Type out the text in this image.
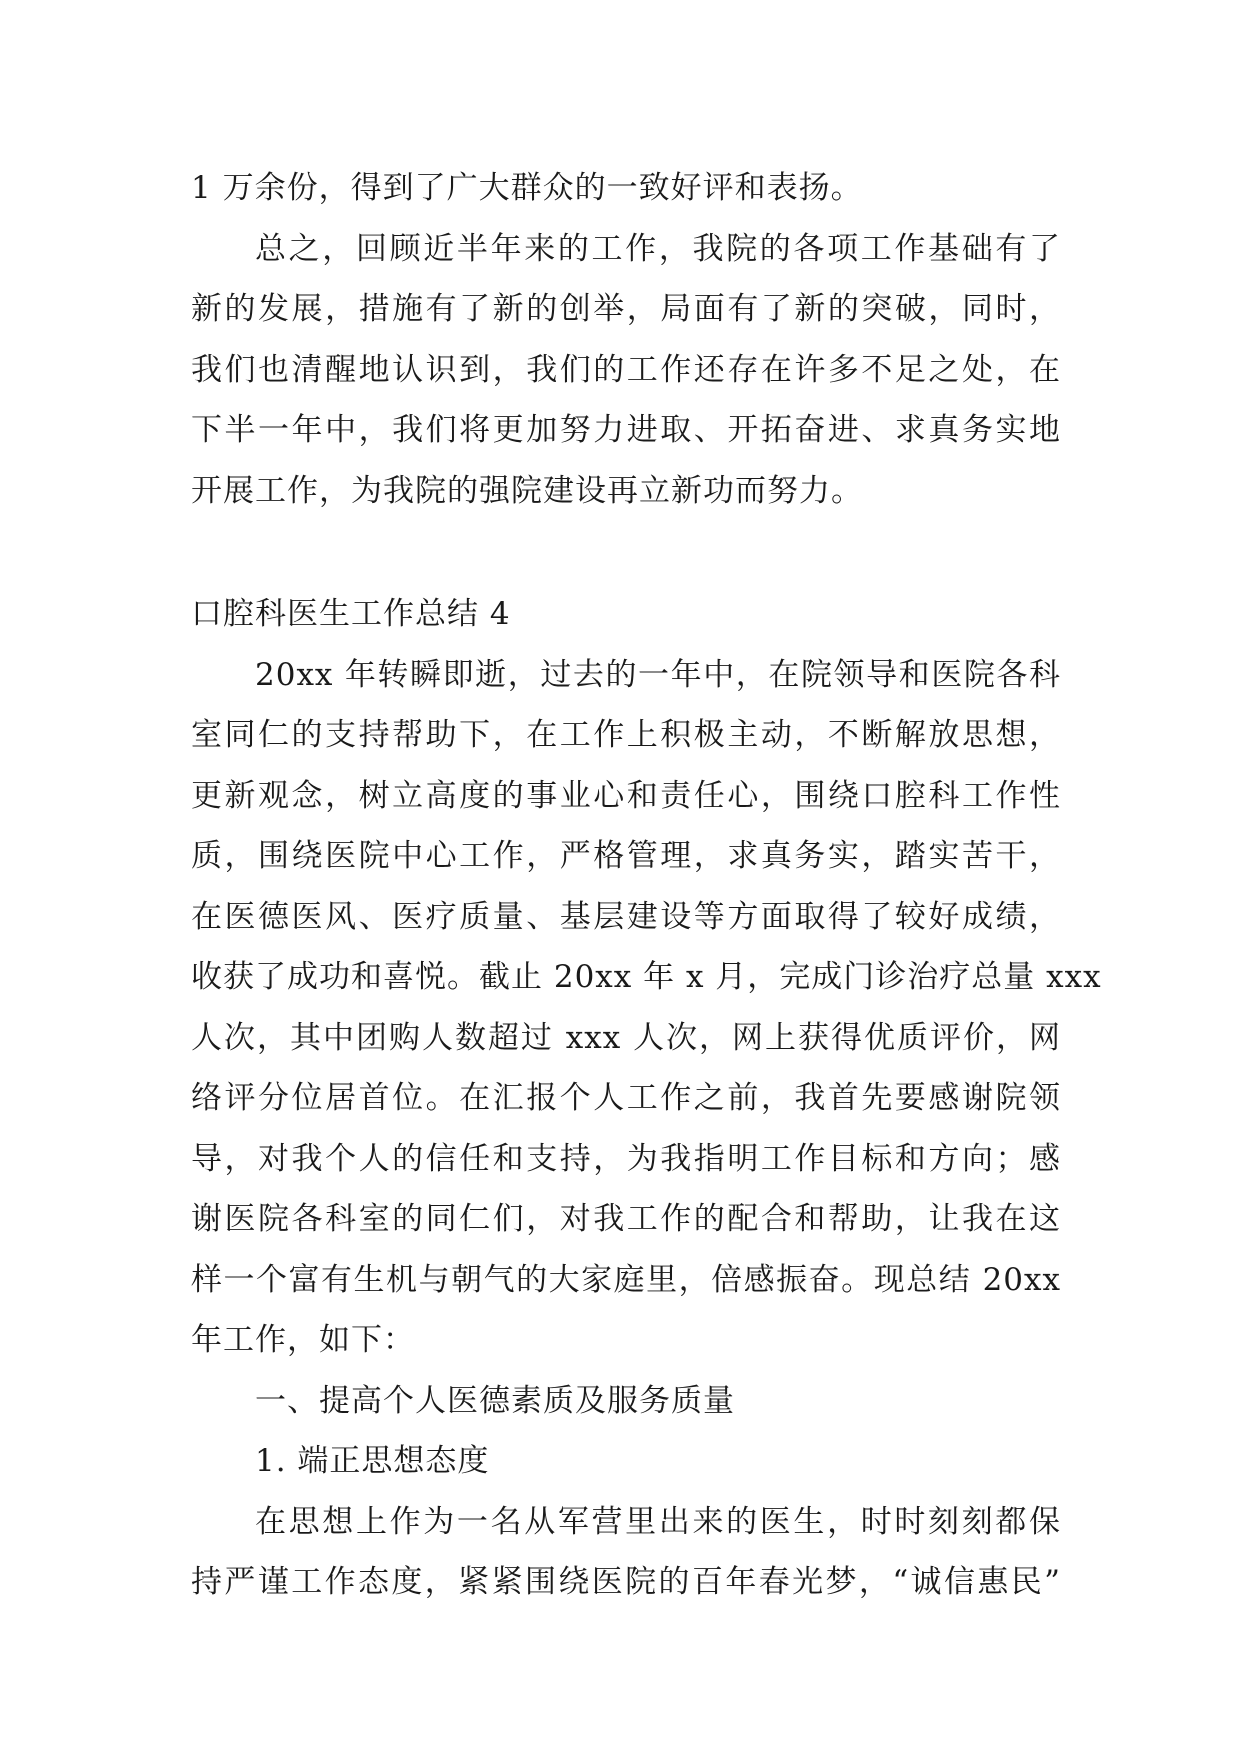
1 万余份，得到了广大群众的一致好评和表扬。
总之，回顾近半年来的工作，我院的各项工作基础有了
新的发展，措施有了新的创举，局面有了新的突破，同时，
我们也清醒地认识到，我们的工作还存在许多不足之处，在
下半一年中，我们将更加努力进取、开拓奋进、求真务实地
开展工作，为我院的强院建设再立新功而努力。
口腔科医生工作总结 4
20xx 年转瞬即逝，过去的一年中，在院领导和医院各科
室同仁的支持帮助下，在工作上积极主动，不断解放思想，
更新观念，树立高度的事业心和责任心，围绕口腔科工作性
质，围绕医院中心工作，严格管理，求真务实，踏实苦干，
在医德医风、医疗质量、基层建设等方面取得了较好成绩，
收获了成功和喜悦。截止 20xx 年 x 月，完成门诊治疗总量 xxx
人次，其中团购人数超过 xxx 人次，网上获得优质评价，网
络评分位居首位。在汇报个人工作之前，我首先要感谢院领
导，对我个人的信任和支持，为我指明工作目标和方向；感
谢医院各科室的同仁们，对我工作的配合和帮助，让我在这
样一个富有生机与朝气的大家庭里，倍感振奋。现总结 20xx
年工作，如下：
一、提高个人医德素质及服务质量
1. 端正思想态度
在思想上作为一名从军营里出来的医生，时时刻刻都保
持严谨工作态度，紧紧围绕医院的百年春光梦，“诚信惠民”
